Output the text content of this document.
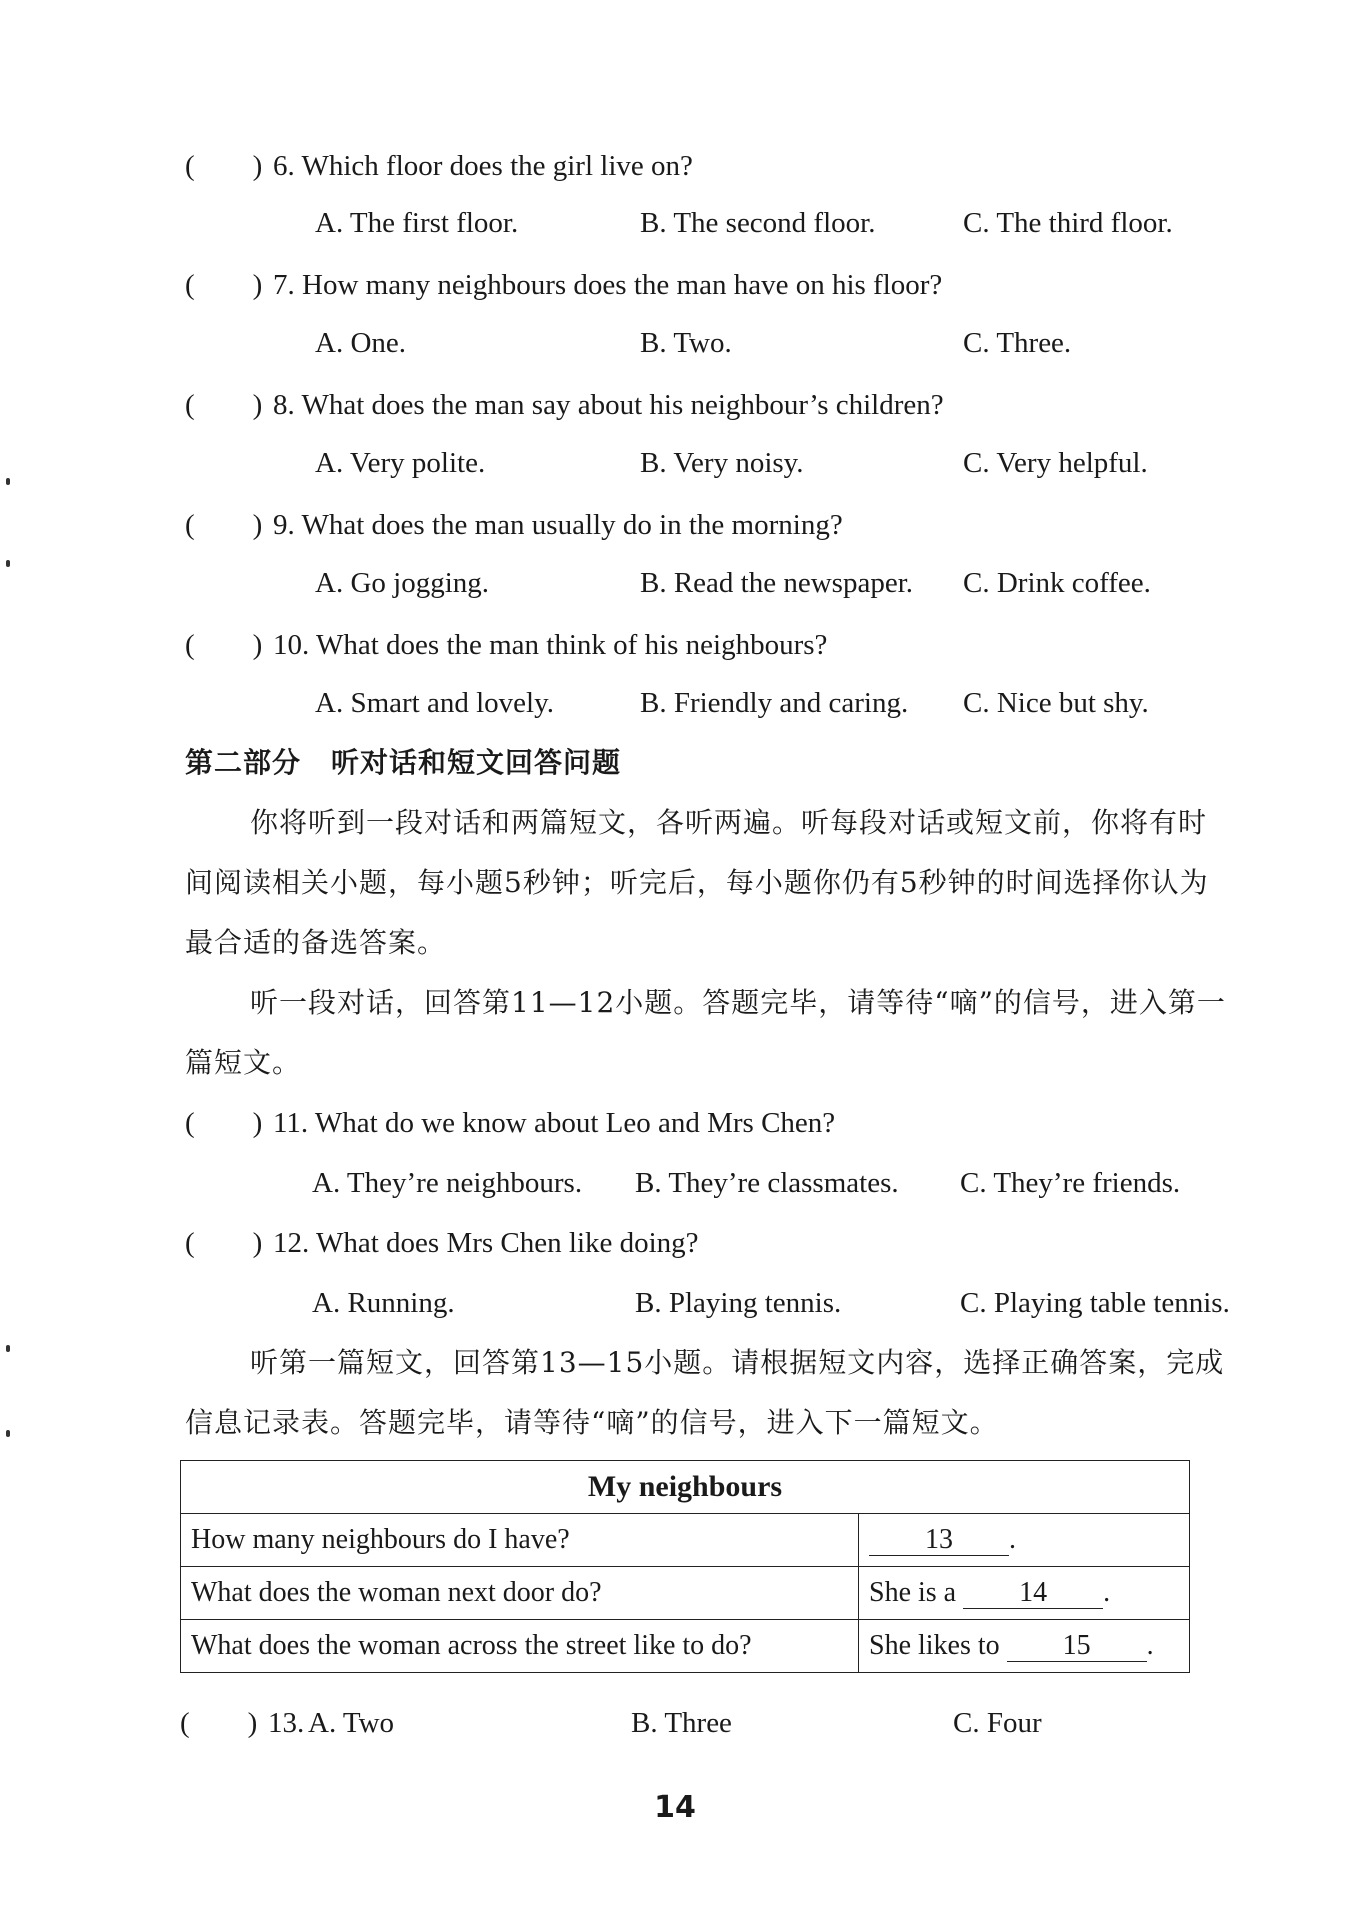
(　　) 6. Which floor does the girl live on?
A. The first floor.	B. The second floor.	C. The third floor.
(　　) 7. How many neighbours does the man have on his floor?
A. One.	B. Two.	C. Three.
(　　) 8. What does the man say about his neighbour’s children?
A. Very polite.	B. Very noisy.	C. Very helpful.
(　　) 9. What does the man usually do in the morning?
A. Go jogging.	B. Read the newspaper. C. Drink coffee.
(　　) 10. What does the man think of his neighbours?
A. Smart and lovely.	B. Friendly and caring. C. Nice but shy.
第二部分 听对话和短文回答问题
你将听到一段对话和两篇短文，各听两遍。听每段对话或短文前，你将有时
间阅读相关小题，每小题5秒钟；听完后，每小题你仍有5秒钟的时间选择你认为
最合适的备选答案。
听一段对话，回答第11—12小题。答题完毕，请等待“嘀”的信号，进入第一
篇短文。
(　　) 11. What do we know about Leo and Mrs Chen?
A. They’re neighbours. B. They’re classmates. C. They’re friends.
(　　) 12. What does Mrs Chen like doing?
A. Running.	B. Playing tennis.	C. Playing table tennis.
听第一篇短文，回答第13—15小题。请根据短文内容，选择正确答案，完成
信息记录表。答题完毕，请等待“嘀”的信号，进入下一篇短文。
My neighbours	
How many neighbours do I have?	13 .
What does the woman next door do?	She is a 14 .
What does the woman across the street like to do?	She likes to 15 .
(　　) 13. A. Two	B. Three	C. Four
14
